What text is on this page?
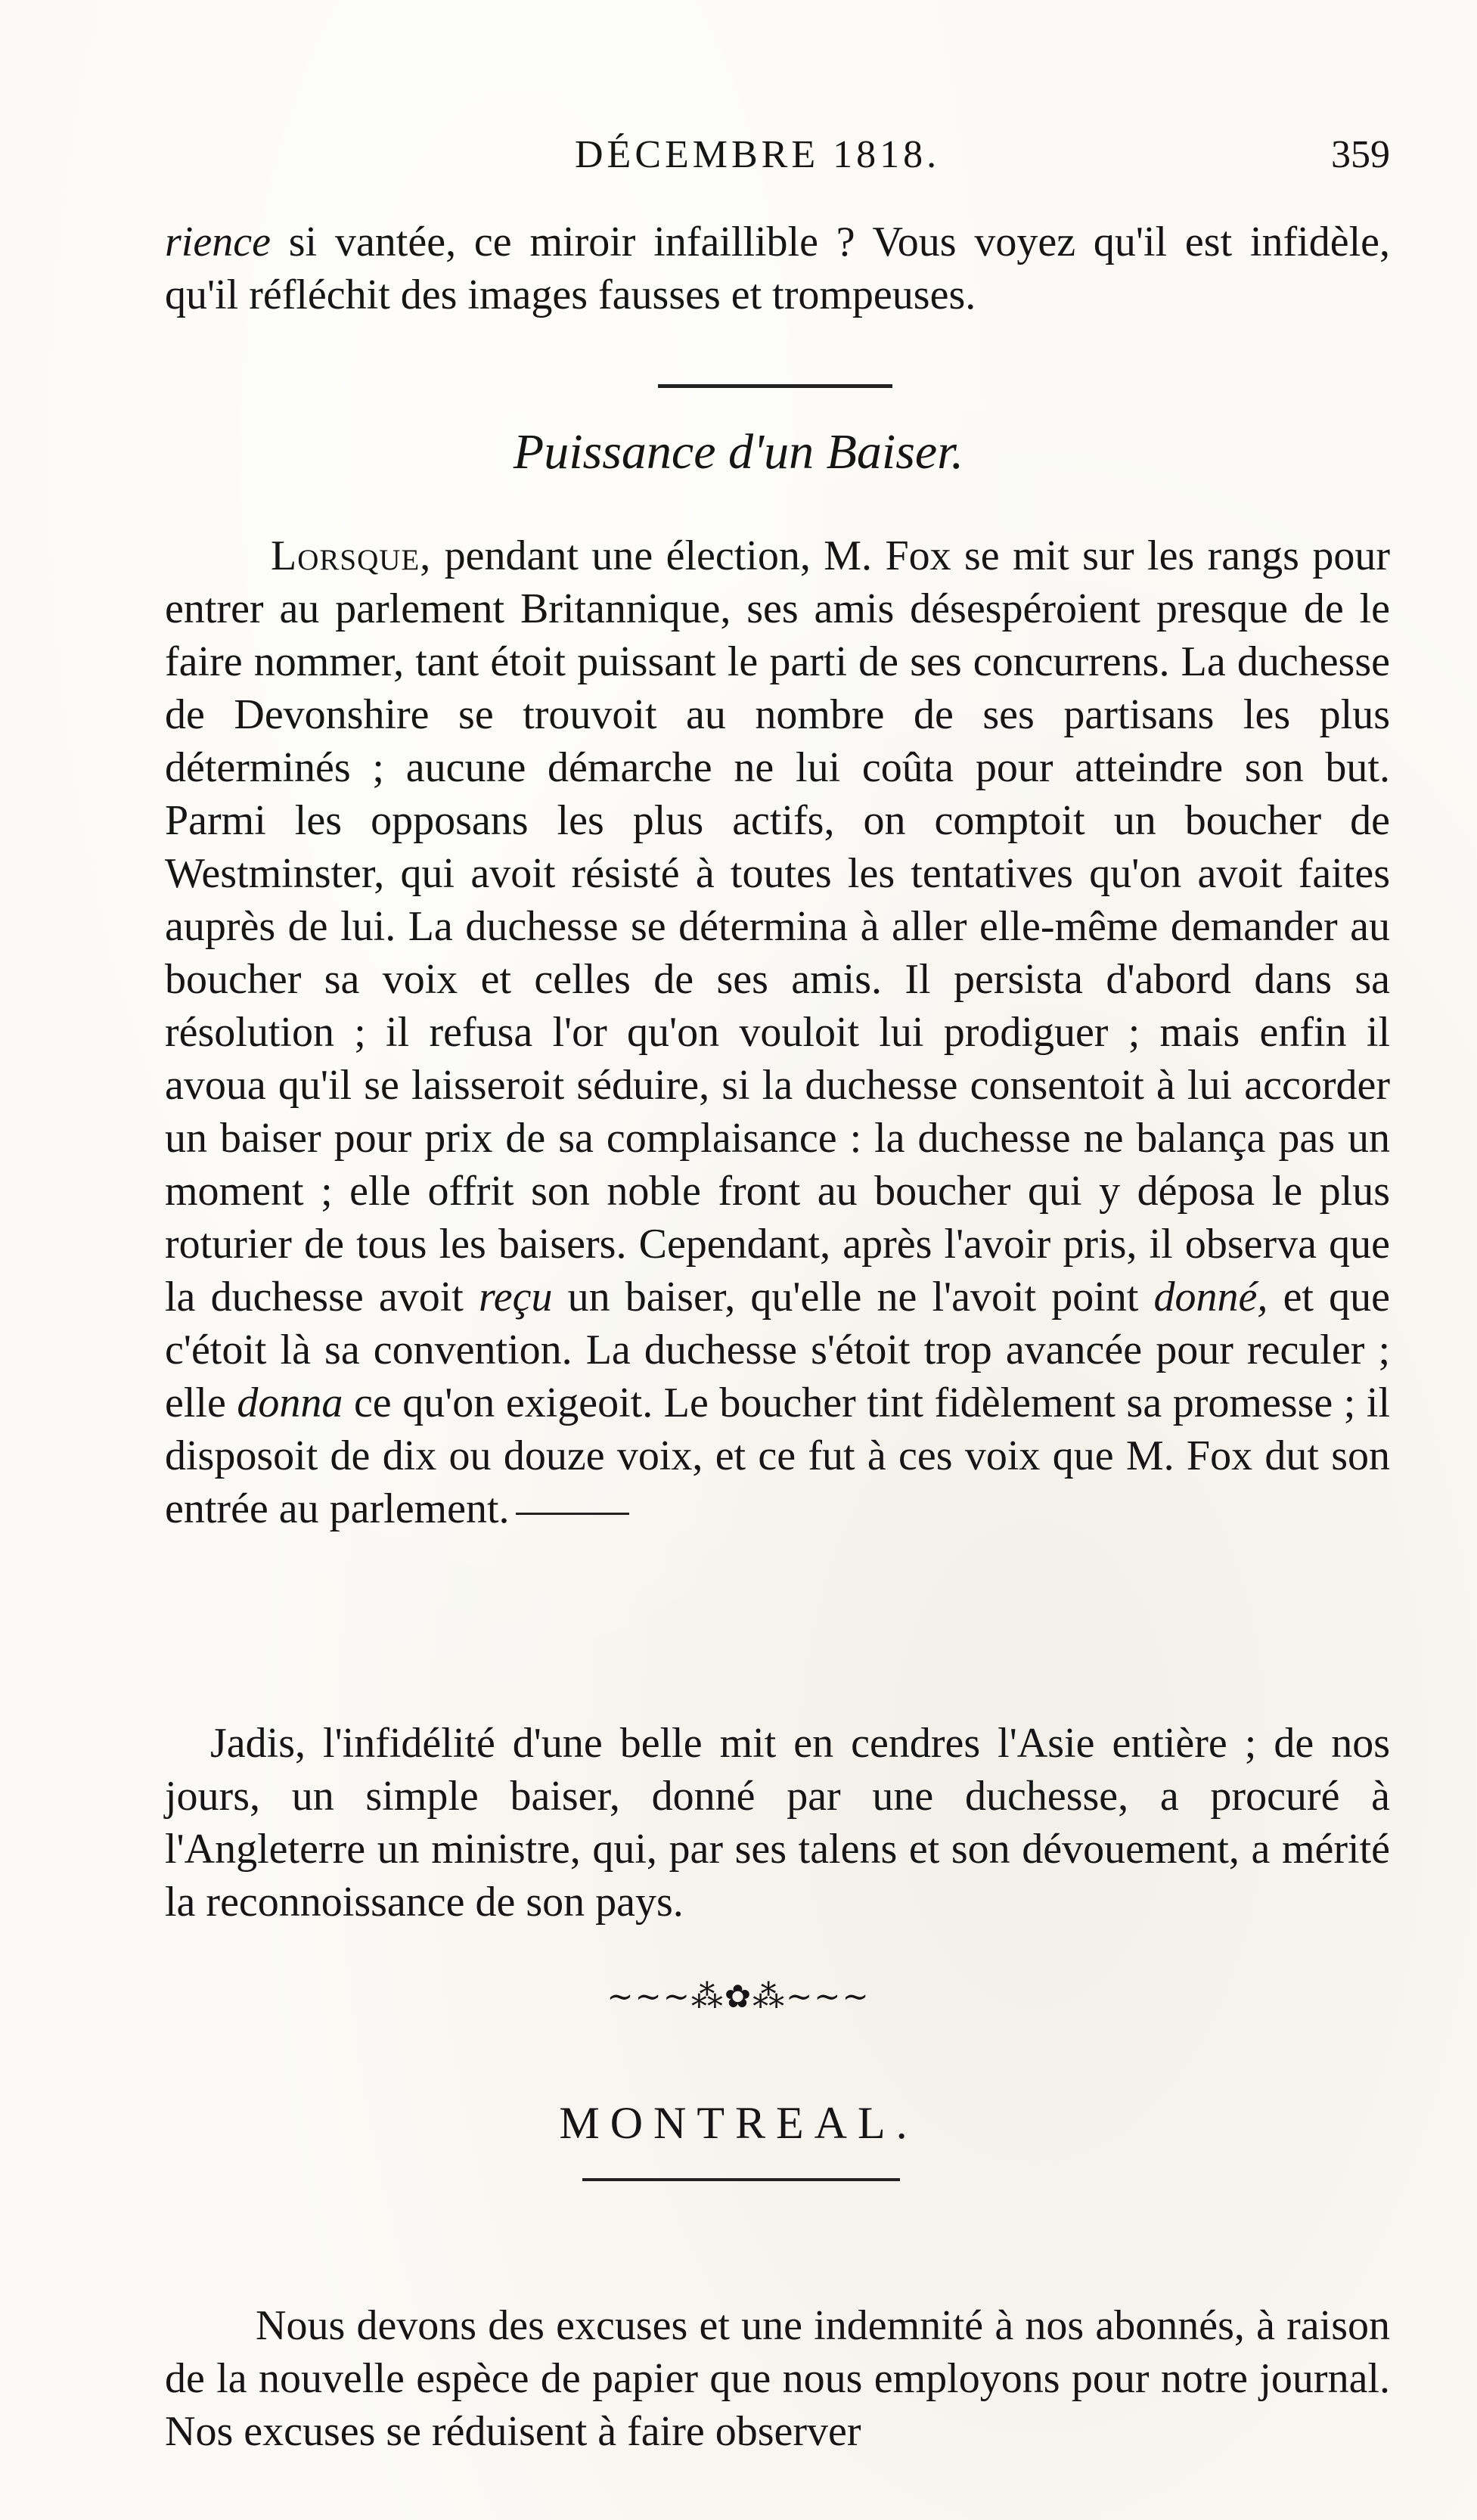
DÉCEMBRE 1818.	359

rience si vantée, ce miroir infaillible ? Vous voyez qu'il est infidèle, qu'il réfléchit des images fausses et trompeuses.

Puissance d'un Baiser.

Lorsque, pendant une élection, M. Fox se mit sur les rangs pour entrer au parlement Britannique, ses amis désespéroient presque de le faire nommer, tant étoit puissant le parti de ses concurrens. La duchesse de Devonshire se trouvoit au nombre de ses partisans les plus déterminés ; aucune démarche ne lui coûta pour atteindre son but. Parmi les opposans les plus actifs, on comptoit un boucher de Westminster, qui avoit résisté à toutes les tentatives qu'on avoit faites auprès de lui. La duchesse se détermina à aller elle-même demander au boucher sa voix et celles de ses amis. Il persista d'abord dans sa résolution ; il refusa l'or qu'on vouloit lui prodiguer ; mais enfin il avoua qu'il se laisseroit séduire, si la duchesse consentoit à lui accorder un baiser pour prix de sa complaisance : la duchesse ne balança pas un moment ; elle offrit son noble front au boucher qui y déposa le plus roturier de tous les baisers. Cependant, après l'avoir pris, il observa que la duchesse avoit reçu un baiser, qu'elle ne l'avoit point donné, et que c'étoit là sa convention. La duchesse s'étoit trop avancée pour reculer ; elle donna ce qu'on exigeoit. Le boucher tint fidèlement sa promesse ; il disposoit de dix ou douze voix, et ce fut à ces voix que M. Fox dut son entrée au parlement.

Jadis, l'infidélité d'une belle mit en cendres l'Asie entière ; de nos jours, un simple baiser, donné par une duchesse, a procuré à l'Angleterre un ministre, qui, par ses talens et son dévouement, a mérité la reconnoissance de son pays.

~~~⁂✿⁂~~~
MONTREAL.

Nous devons des excuses et une indemnité à nos abonnés, à raison de la nouvelle espèce de papier que nous employons pour notre journal. Nos excuses se réduisent à faire observer
